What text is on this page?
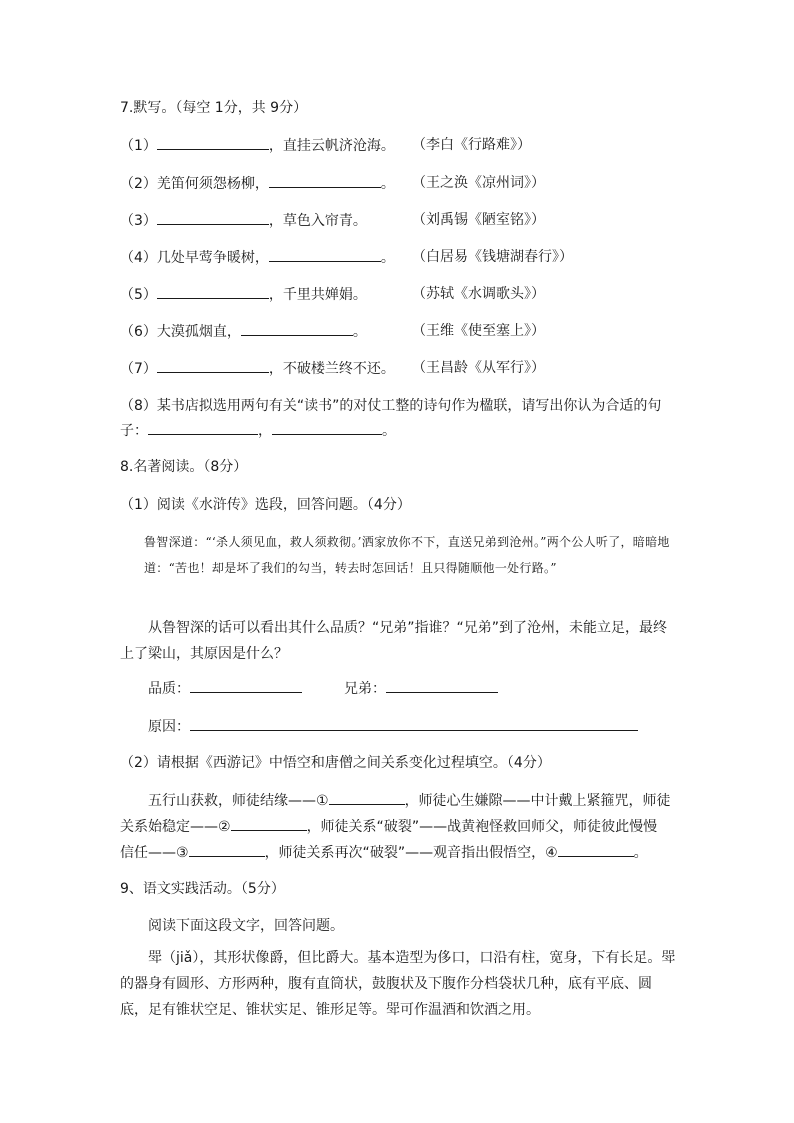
7.默写。（每空 1分，共 9分）
（1）	，直挂云帆济沧海。 （李白《行路难》）
（2）羌笛何须怨杨柳，	。 （王之涣《凉州词》）
（3）	，草色入帘青。	（刘禹锡《陋室铭》）
（4）几处早莺争暖树，	。 （白居易《钱塘湖春行》）
（5）	，千里共婵娟。	（苏轼《水调歌头》）
（6）大漠孤烟直，	。	（王维《使至塞上》）
（7）	，不破楼兰终不还。 （王昌龄《从军行》）
（8）某书店拟选用两句有关“读书”的对仗工整的诗句作为楹联，请写出你认为合适的句
子：	，	。
8.名著阅读。（8分）
（1）阅读《水浒传》选段，回答问题。（4分）
鲁智深道：“‘杀人须见血，救人须救彻。’洒家放你不下，直送兄弟到沧州。”两个公人听了，暗暗地道：“苦也！却是坏了我们的勾当，转去时怎回话！且只得随顺他一处行路。”
从鲁智深的话可以看出其什么品质？“兄弟”指谁？“兄弟”到了沧州，未能立足，最终上了梁山，其原因是什么？
品质：	兄弟：
原因：
（2）请根据《西游记》中悟空和唐僧之间关系变化过程填空。（4分）
五行山获救，师徒结缘——①	，师徒心生嫌隙——中计戴上紧箍咒，师徒
关系始稳定——②	，师徒关系“破裂”——战黄袍怪救回师父，师徒彼此慢慢
信任——③	，师徒关系再次“破裂”——观音指出假悟空，④	。
9、语文实践活动。（5分）
阅读下面这段文字，回答问题。
斝（jiǎ），其形状像爵，但比爵大。基本造型为侈口，口沿有柱，宽身，下有长足。斝的器身有圆形、方形两种，腹有直筒状，鼓腹状及下腹作分档袋状几种，底有平底、圆底，足有锥状空足、锥状实足、锥形足等。斝可作温酒和饮酒之用。
